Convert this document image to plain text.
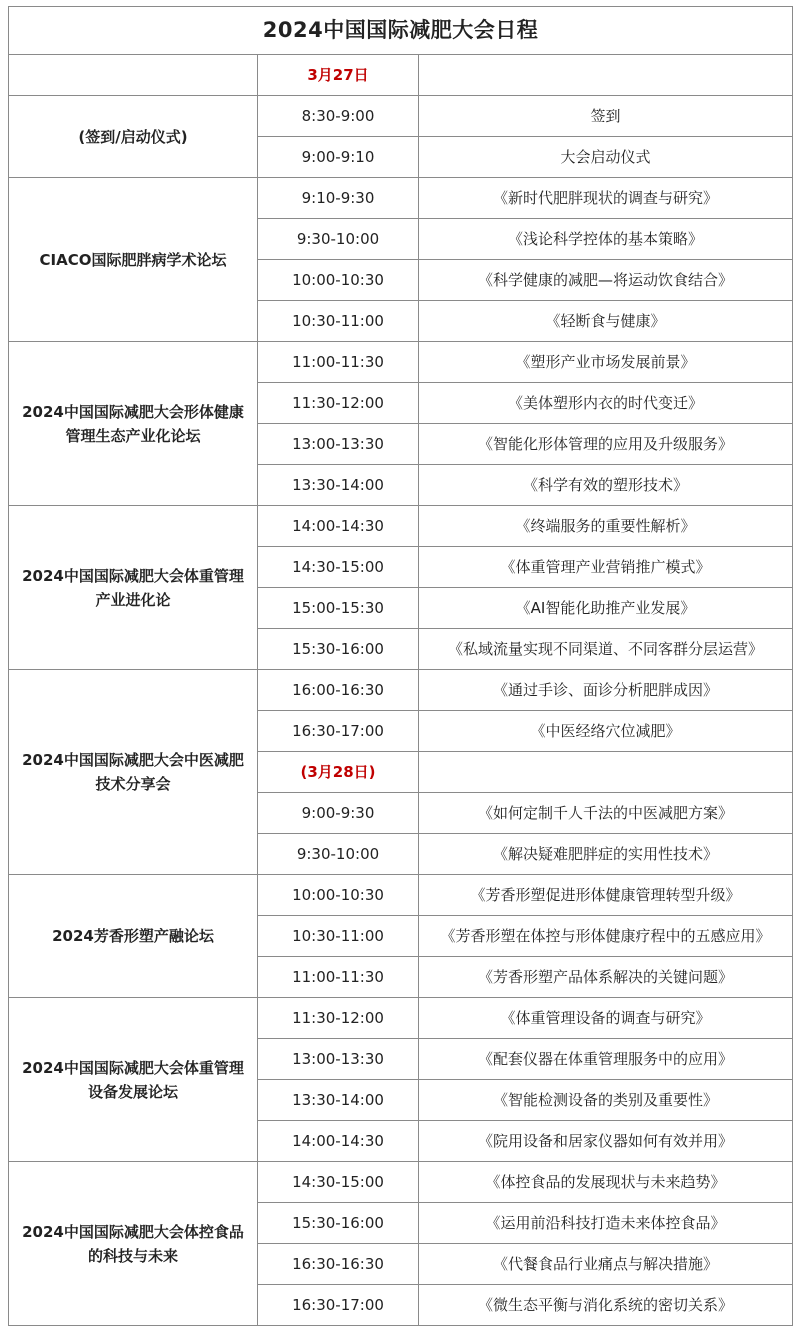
2024中国国际减肥大会日程		
	3月27日	
(签到/启动仪式)	8:30-9:00	签到
	9:00-9:10	大会启动仪式
CIACO国际肥胖病学术论坛	9:10-9:30	《新时代肥胖现状的调查与研究》
	9:30-10:00	《浅论科学控体的基本策略》
	10:00-10:30	《科学健康的减肥—将运动饮食结合》
	10:30-11:00	《轻断食与健康》
2024中国国际减肥大会形体健康管理生态产业化论坛	11:00-11:30	《塑形产业市场发展前景》
	11:30-12:00	《美体塑形内衣的时代变迁》
	13:00-13:30	《智能化形体管理的应用及升级服务》
	13:30-14:00	《科学有效的塑形技术》
2024中国国际减肥大会体重管理产业进化论	14:00-14:30	《终端服务的重要性解析》
	14:30-15:00	《体重管理产业营销推广模式》
	15:00-15:30	《AI智能化助推产业发展》
	15:30-16:00	《私域流量实现不同渠道、不同客群分层运营》
2024中国国际减肥大会中医减肥技术分享会	16:00-16:30	《通过手诊、面诊分析肥胖成因》
	16:30-17:00	《中医经络穴位减肥》
	(3月28日)	
	9:00-9:30	《如何定制千人千法的中医减肥方案》
	9:30-10:00	《解决疑难肥胖症的实用性技术》
2024芳香形塑产融论坛	10:00-10:30	《芳香形塑促进形体健康管理转型升级》
	10:30-11:00	《芳香形塑在体控与形体健康疗程中的五感应用》
	11:00-11:30	《芳香形塑产品体系解决的关键问题》
2024中国国际减肥大会体重管理设备发展论坛	11:30-12:00	《体重管理设备的调查与研究》
	13:00-13:30	《配套仪器在体重管理服务中的应用》
	13:30-14:00	《智能检测设备的类别及重要性》
	14:00-14:30	《院用设备和居家仪器如何有效并用》
2024中国国际减肥大会体控食品的科技与未来	14:30-15:00	《体控食品的发展现状与未来趋势》
	15:30-16:00	《运用前沿科技打造未来体控食品》
	16:30-16:30	《代餐食品行业痛点与解决措施》
	16:30-17:00	《微生态平衡与消化系统的密切关系》
